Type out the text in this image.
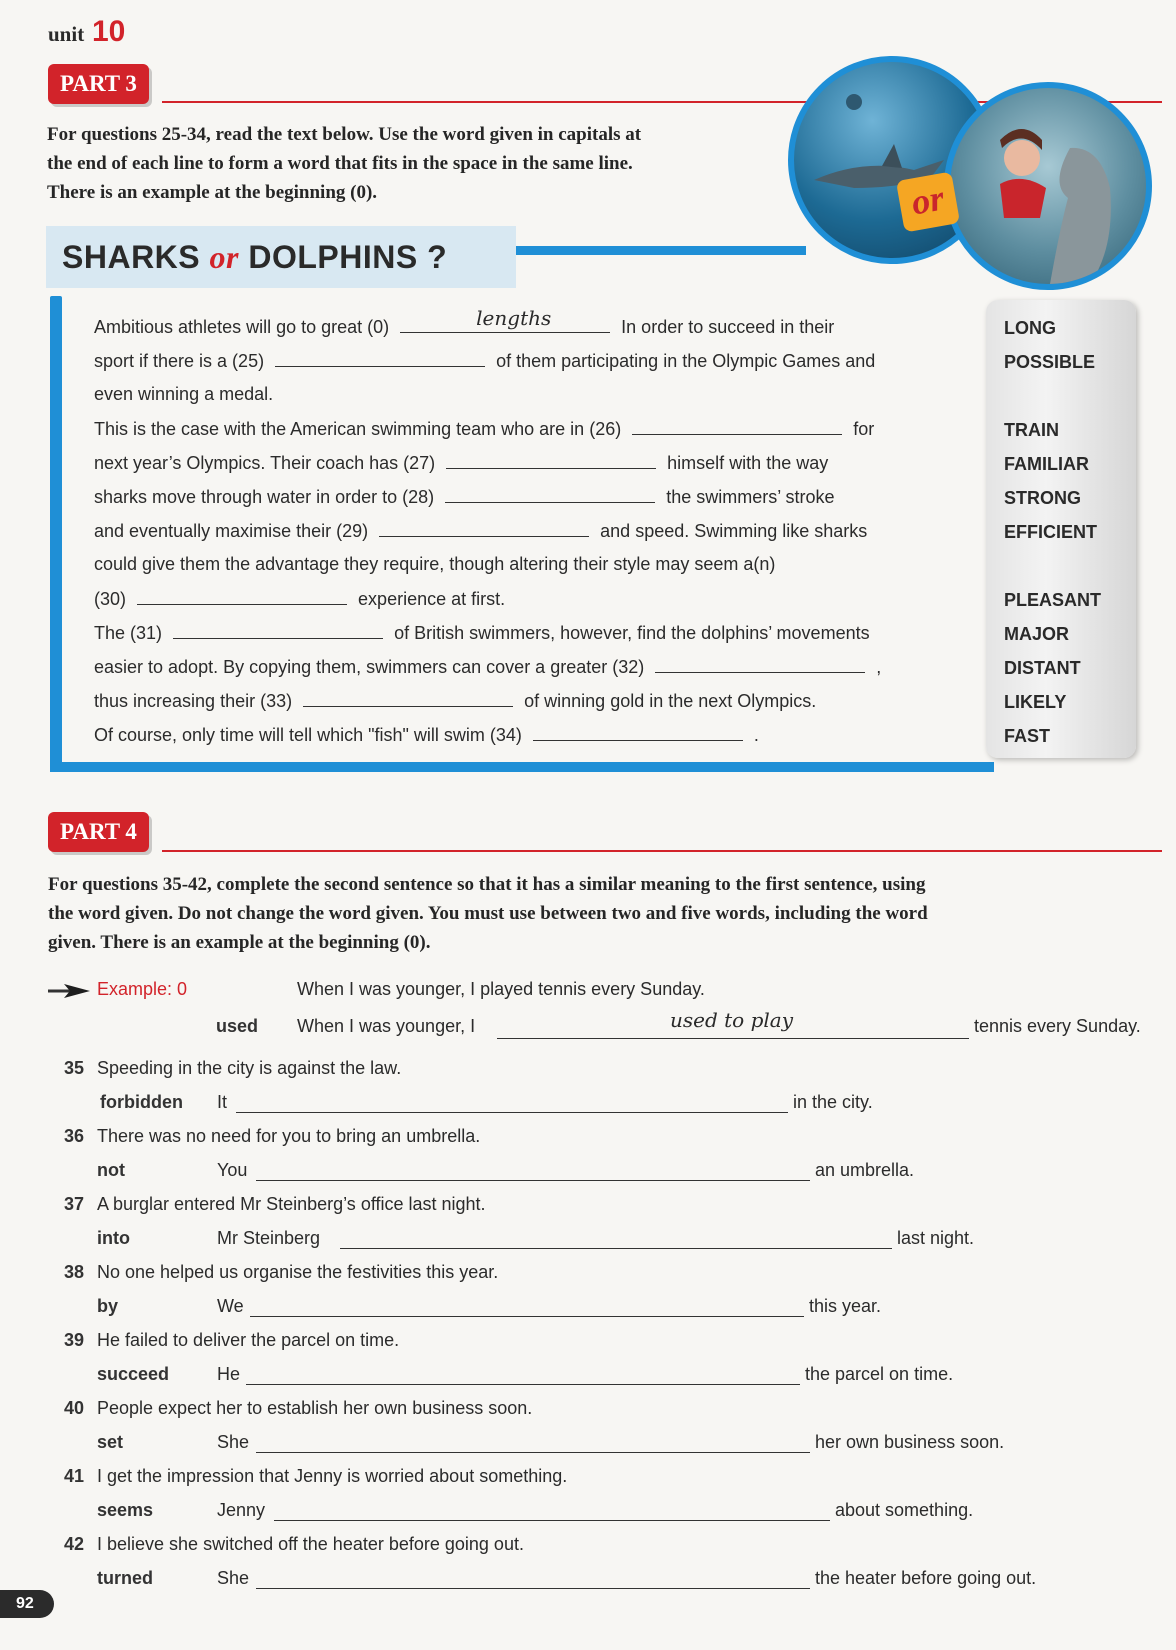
unit 10
PART 3
For questions 25-34, read the text below. Use the word given in capitals at
the end of each line to form a word that fits in the space in the same line.
There is an example at the beginning (0).	or
SHARKS or DOLPHINS ?
LONG
POSSIBLE
TRAIN
FAMILIAR
STRONG
EFFICIENT
PLEASANT
MAJOR
DISTANT
LIKELY
FAST
Ambitious athletes will go to great (0)	lengths	In order to succeed in their
sport if there is a (25)	of them participating in the Olympic Games and
even winning a medal.
This is the case with the American swimming team who are in (26)	for
next year’s Olympics. Their coach has (27)	himself with the way
sharks move through water in order to (28)	the swimmers’ stroke
and eventually maximise their (29)	and speed. Swimming like sharks
could give them the advantage they require, though altering their style may seem a(n)
(30)	experience at first.
The (31)	of British swimmers, however, find the dolphins’ movements
easier to adopt. By copying them, swimmers can cover a greater (32)	,
thus increasing their (33)	of winning gold in the next Olympics.
Of course, only time will tell which "fish" will swim (34)	.
PART 4
For questions 35-42, complete the second sentence so that it has a similar meaning to the first sentence, using
the word given. Do not change the word given. You must use between two and five words, including the word
given. There is an example at the beginning (0).
Example: 0	When I was younger, I played tennis every Sunday.
used When I was younger, I	used to play	tennis every Sunday.
35 Speeding in the city is against the law.
forbidden It	in the city.
36 There was no need for you to bring an umbrella.
not	You	an umbrella.
37 A burglar entered Mr Steinberg’s office last night.
into	Mr Steinberg	last night.
38 No one helped us organise the festivities this year.
by	We	this year.
39 He failed to deliver the parcel on time.
succeed	He	the parcel on time.
40 People expect her to establish her own business soon.
set	She	her own business soon.
41 I get the impression that Jenny is worried about something.
seems	Jenny	about something.
42 I believe she switched off the heater before going out.
turned	She	the heater before going out.
92
